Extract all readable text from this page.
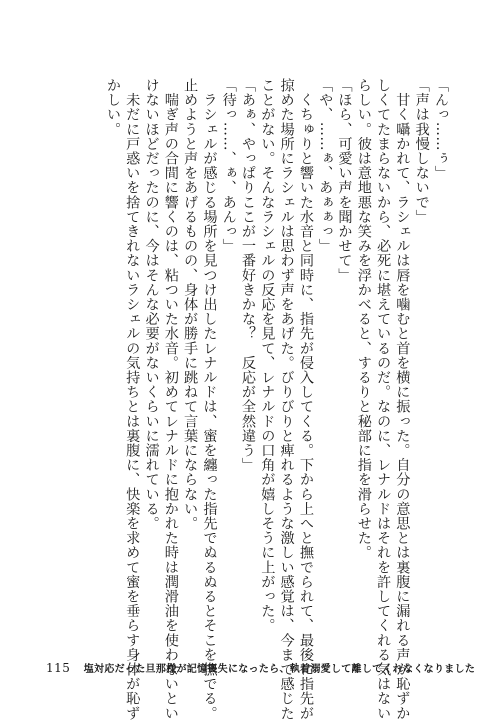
「んっ……ぅ」
「声は我慢しないで」
　甘く囁かれて、ラシェルは唇を噛むと首を横に振った。自分の意思とは裏腹に漏れる声が恥ずか
しくてたまらないから、必死に堪えているのだ。なのに、レナルドはそれを許してくれる気はない
らしい。彼は意地悪な笑みを浮かべると、するりと秘部に指を滑らせた。
「ほら、可愛い声を聞かせて」
「や、……ぁ、あぁぁっ」
　くちゅりと響いた水音と同時に、指先が侵入してくる。下から上へと撫でられて、最後に指先が
掠めた場所にラシェルは思わず声をあげた。びりびりと痺れるような激しい感覚は、今まで感じた
ことがない。そんなラシェルの反応を見て、レナルドの口角が嬉しそうに上がった。
「あぁ、やっぱりここが一番好きかな？　反応が全然違う」
「待っ……、ぁ、あんっ」
　ラシェルが感じる場所を見つけ出したレナルドは、蜜を纏った指先でぬるぬるとそこを撫でる。
止めようと声をあげるものの、身体が勝手に跳ねて言葉にならない。
　喘ぎ声の合間に響くのは、粘ついた水音。初めてレナルドに抱かれた時は潤滑油を使わないとい
けないほどだったのに、今はそんな必要がないくらいに濡れている。
　未だに戸惑いを捨てきれないラシェルの気持ちとは裏腹に、快楽を求めて蜜を垂らす身体が恥ず
かしい。
115 塩対応だった旦那様が記憶喪失になったら、執着溺愛して離してくれなくなりました
